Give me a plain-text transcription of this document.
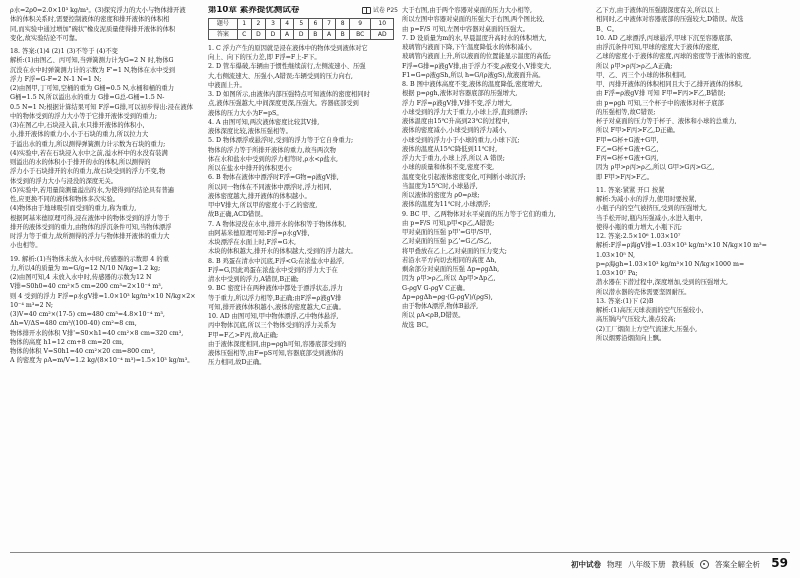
ρ水=2ρ0=2.0×10³ kg/m³。(3)探究浮力的大小与物体排开液
体的体积关系时,需要控制液体的密度和排开液体的体积相
同,而实验中通过增加"碗状"橡皮泥质量使得排开液体的体积
变化,故实验结论不可靠。
18. 答案:(1)4 (2)1 (3)不等于 (4)不变
解析:(1)由图乙、丙可知,当弹簧测力计为G=2 N 时,物体G
沉没在水中时弹簧测力计的示数为 F'=1 N,物体在水中受到
浮力 F浮=G-F=2 N-1 N=1 N;
(2)由图甲,丁可知,空桶的重为 G桶=0.5 N,水桶和桶的重力
G桶=1.5 N,所以溢出水的重力 G排=G总-G桶=1.5 N-
0.5 N=1 N;根据计算结果可知 F浮=G排,可以初步得出:浸在液体
中的物体受到的浮力大小等于它排开液体受到的重力;
(3)在图乙中,石块浸入前,水只排开液体的体积小,
小,排开液体的重力小,小于石块的重力,所以拉力大
于溢出水的重力,所以测得弹簧测力计示数为石块的重力;
(4)实验中,若在石块浸入水中之前,溢水杯中的水没有装满
则溢出的水的体积小于排开的水的体积,所以测得的
浮力小于石块排开的水的重力,故石块受到的浮力不变,物
体受到的浮力大小与浸没的深度无关。
(5)实验中,若用量筒测量溢出的水,为使得到的结论具有普遍
性,应更换不同的液体和物体多次实验。
(4)物体由于地球吸引而受到的重力,称为重力,
根据阿基米德原理可得,浸在液体中的物体受到的浮力等于
排开的液体受到的重力,由物体的浮沉条件可知,当物体漂浮
时浮力等于重力,故所测得的浮力与物体排开液体的重力大
小也相等。
19. 解析:(1)当物体未放入水中时,传感器的示数即 4 的重
力,所以4的质量为 m=G/g=12 N/10 N/kg=1.2 kg;
(2)由图可知,4 未放入水中时,传感器的示数为12 N
V排=S0h0=40 cm²×5 cm=200 cm³=2×10⁻⁴ m³,
则 4 受到的浮力 F浮=ρ水gV排=1.0×10³ kg/m³×10 N/kg×2×
10⁻⁴ m³=2 N;
(3)V=40 cm²×(17-5) cm=480 cm³=4.8×10⁻⁴ m³,
Δh=V/ΔS=480 cm³/(100-40) cm²=8 cm,
物体排开水的体积 V排'=S0×h1=40 cm²×8 cm=320 cm³,
物体的高度 h1=12 cm+8 cm=20 cm,
物体的体积 V=S0h1=40 cm²×20 cm=800 cm³,
A 的密度为 ρA=m/V=1.2 kg/(8×10⁻⁴ m³)=1.5×10³ kg/m³。
第10章 素养提优测试卷	试卷 P25
题号	1	2	3	4	5	6	7	8	9	10
答案	C	D	D	A	D	B	A	B	BC	AD
1. C 浮力产生的原因就是浸在液体中的物体受到液体对它
向上、向下的压力差,即 F浮=F上-F下。
2. D 管车爆破,车辆由于惯性继续前行,左侧流速小、压强
大,右侧流速大、压强小,A错误;车辆受到的压力向右,
中液面上升。
3. D 如图所示,由液体内部压强特点可知液体的密度相同时
点,液体压强越大,中间深度更深,压强大。容器底部受到
液体的压力大小为F=pS。
4. A 由图可知,两次液体密度比较其V排,
液体深度比较,液体压强相等。
5. D 物体漂浮或悬浮时,受到的浮力等于它自身重力;
物体的浮力等于所排开液体的重力,故当两次物
体在水和盐水中受到的浮力相等时,ρ水<ρ盐水,
所以在盐水中排开的体积更小;
6. B 物体在液体中漂浮时F浮=G物=ρ液gV排,
所以同一物体在不同液体中漂浮时,浮力相同,
液体密度越大,排开液体的体积越小。
甲中V排大,所以甲的密度小于乙的密度,
故B正确,ACD错误。
7. A 物体浸没在水中,排开水的体积等于物体体积,
由阿基米德原理可知:F浮=ρ水gV排,
木块漂浮在水面上时,F浮=G木,
木块的体积越大,排开水的体积越大,受到的浮力越大。
8. B 鸡蛋在清水中沉底,F浮<G;在浓盐水中悬浮,
F浮=G,因此鸡蛋在浓盐水中受到的浮力大于在
清水中受到的浮力,A错误,B正确;
9. BC 密度计在两种液体中都处于漂浮状态,浮力
等于重力,所以浮力相等,B正确;由F浮=ρ液gV排
可知,排开液体体积越小,液体的密度越大,C正确。
10. AD 由图可知,甲中物体漂浮,乙中物体悬浮,
丙中物体沉底,所以三个物体受到的浮力关系为
F甲=F乙>F丙,故A正确;
由于液体深度相同,由p=ρgh可知,容器底部受到的
液体压强相等,由F=pS可知,容器底部受到液体的
压力相同,故D正确。
大于右图,由于两个容器对桌面的压力大小相等,
所以左图中容器对桌面的压强大于右图,两个图比较,
由 p=F/S 可知,左图中容器对桌面的压强大。
7. D 设质量为m的水,早晨温度升高时水的体积增大,
玻璃管内液面下降,下午温度降低水的体积减小,
玻璃管内液面上升,所以液面的位置能显示温度的高低;
F浮=G排=ρ液gV排,由于浮力不变,ρ液变小,V排变大,
F1=G=ρ液gSh,所以 h=G/(ρ液gS),故液面升高。
8. B 图中液体高度不变,液体的温度降低,密度增大,
根据 p=ρgh,液体对容器底部的压强增大,
浮力 F浮=ρ液gV排,V排不变,浮力增大,
小球受到的浮力大于重力,小球上浮,直到漂浮;
液体温度由15℃升高到23℃的过程中,
液体的密度减小,小球受到的浮力减小,
小球受到的浮力小于小球的重力,小球下沉;
液体的温度从15℃降低到11℃时,
浮力大于重力,小球上浮,所以 A 错误;
小球的质量和体积不变,密度不变,
温度变化引起液体密度变化,可判断小球沉浮;
当温度为15℃时,小球悬浮,
所以液体的密度为 ρ0=ρ球;
液体的温度为11℃时,小球漂浮;
9. BC 甲、乙两物体对水平桌面的压力等于它们的重力,
由 p=F/S 可知,p甲<p乙,A错误;
甲对桌面的压强 p甲'=G甲/S甲,
乙对桌面的压强 p乙'=G乙/S乙,
将甲叠放在乙上,乙对桌面的压力变大;
若沿水平方向切去相同的高度 Δh,
剩余部分对桌面的压强 Δp=ρgΔh,
因为 ρ甲>ρ乙,所以 Δp甲>Δp乙,
G-ρgV G-ρgV C正确。
Δp=ρgΔh=ρg·(G-ρgV)/(ρgS),
由于物体A漂浮,物体B悬浮,
所以 ρA<ρB,D错误。
故选 BC。
乙下方,由于液体的压强跟深度有关,所以以上
相同时,乙中液体对容器底部的压强较大,D错误。故选
B、C。
10. AD 乙球漂浮,丙球悬浮,甲球下沉至容器底部,
由浮沉条件可知,甲球的密度大于液体的密度,
乙球的密度小于液体的密度,丙球的密度等于液体的密度,
所以 ρ甲>ρ丙>ρ乙,A正确;
甲、乙、丙三个小球的体积相同,
甲、丙排开液体的体积相同且大于乙排开液体的体积,
由 F浮=ρ液gV排 可知 F甲=F丙>F乙,B错误;
由 p=ρgh 可知,三个杯子中的液体对杯子底部
的压强相等,故C错误;
杯子对桌面的压力等于杯子、液体和小球的总重力,
所以 F甲>F丙>F乙,D正确。
F甲=G杯+G液+G甲,
F乙=G杯+G液+G乙,
F丙=G杯+G液+G丙,
因为 ρ甲>ρ丙>ρ乙,所以 G甲>G丙>G乙,
即 F甲>F丙>F乙。
11. 答案:紧紧 开口 按紧
解析:为减小水的浮力,使用时要按紧,
小瓶子内的空气被挤压,受到的压强增大,
当手松开时,瓶内压强减小,水进入瓶中,
使得小瓶的重力增大,小瓶下沉;
12. 答案:2.5×10⁶ 1.03×10⁷
解析:F浮=ρ海gV排=1.03×10³ kg/m³×10 N/kg×10 m³=
1.03×10⁵ N,
p=ρ海gh=1.03×10³ kg/m³×10 N/kg×1000 m=
1.03×10⁷ Pa;
潜水器在下潜过程中,深度增加,受到的压强增大,
所以潜水器的壳体需要坚固耐压。
13. 答案:(1)下 (2)B
解析:(1)高压天球表面的空气压强较小,
高压锅内气压较大,沸点较高;
(2)工厂烟囱上方空气流速大,压强小,
所以烟雾沿烟囱向上飘。
初中试卷 物理 八年级下册 教科版	答案全解全析 59
